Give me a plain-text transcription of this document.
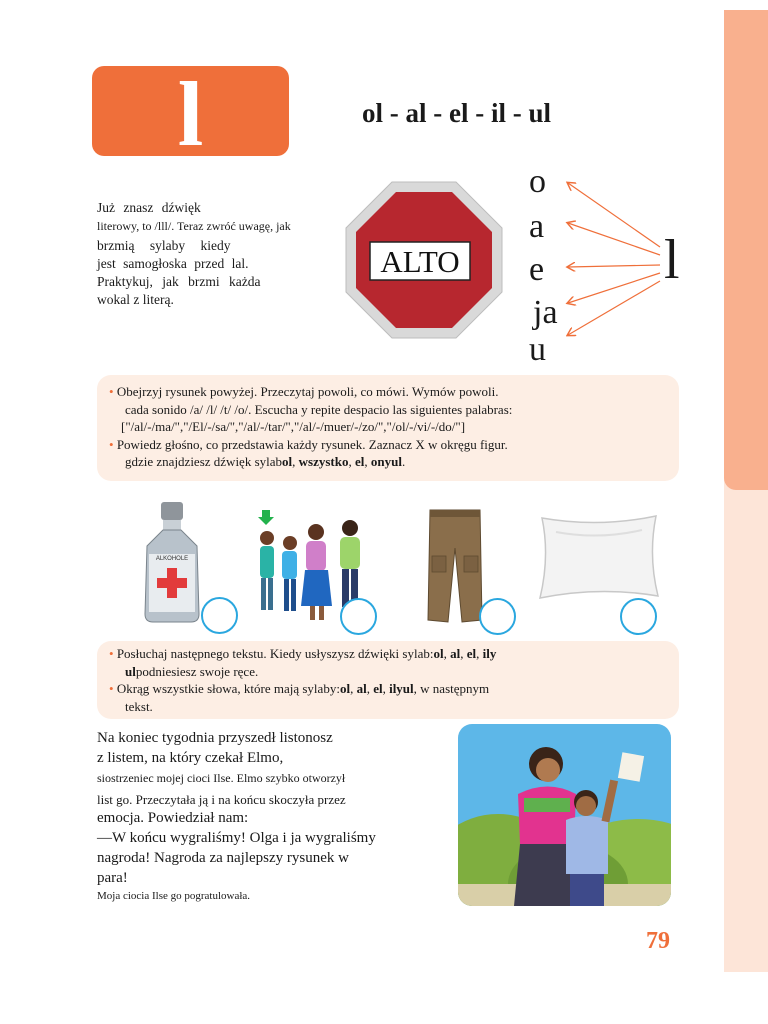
l	ol - al - el - il - ul
Już znasz dźwięk
literowy, to /lll/. Teraz zwróć uwagę, jak
brzmią sylaby kiedy
jest samogłoska przed lal.
Praktykuj, jak brzmi każda
wokal z literą.
ALTO
o
a
e
ja
u
l
• Obejrzyj rysunek powyżej. Przeczytaj powoli, co mówi. Wymów powoli.
cada sonido /a/ /l/ /t/ /o/. Escucha y repite despacio las siguientes palabras:
["/al/-/ma/","/El/-/sa/","/al/-/tar/","/al/-/muer/-/zo/","/ol/-/vi/-/do/"]
• Powiedz głośno, co przedstawia każdy rysunek. Zaznacz X w okręgu figur.
gdzie znajdziesz dźwięk sylabol, wszystko, el, onyul.
ALKOHOLE
• Posłuchaj następnego tekstu. Kiedy usłyszysz dźwięki sylab:ol, al, el, ily
ulpodniesiesz swoje ręce.
• Okrąg wszystkie słowa, które mają sylaby:ol, al, el, ilyul, w następnym
tekst.
Na koniec tygodnia przyszedł listonosz
z listem, na który czekał Elmo,
siostrzeniec mojej cioci Ilse. Elmo szybko otworzył
list go. Przeczytała ją i na końcu skoczyła przez
emocja. Powiedział nam:
—W końcu wygraliśmy! Olga i ja wygraliśmy
nagroda! Nagroda za najlepszy rysunek w
para!
Moja ciocia Ilse go pogratulowała.
79
